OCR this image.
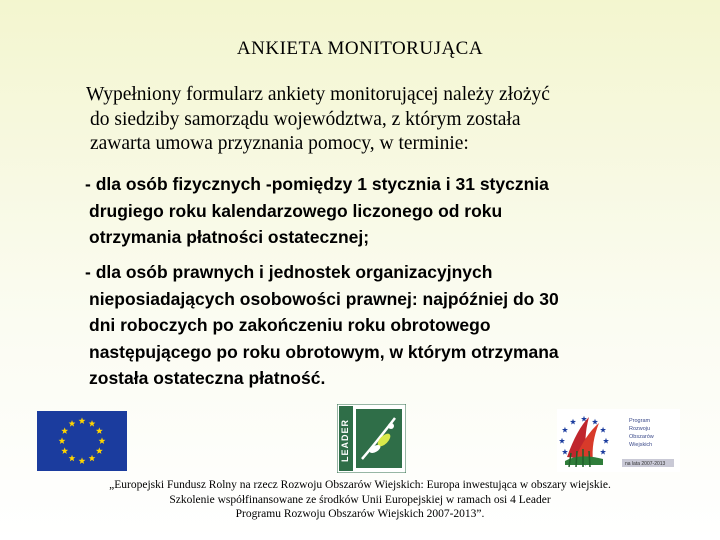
ANKIETA MONITORUJĄCA
Wypełniony formularz ankiety monitorującej należy złożyć
do siedziby samorządu województwa, z którym została
zawarta umowa przyznania pomocy, w terminie:
- dla osób fizycznych -pomiędzy 1 stycznia i 31 stycznia
drugiego roku kalendarzowego liczonego od roku
otrzymania płatności ostatecznej;
- dla osób prawnych i jednostek organizacyjnych
nieposiadających osobowości prawnej: najpóźniej do 30
dni roboczych po zakończeniu roku obrotowego
następującego po roku obrotowym, w którym otrzymana
została ostateczna płatność.
LEADER	Program Rozwoju Obszarów Wiejskich
na lata 2007-2013
„Europejski Fundusz Rolny na rzecz Rozwoju Obszarów Wiejskich: Europa inwestująca w obszary wiejskie.
Szkolenie współfinansowane ze środków Unii Europejskiej w ramach osi 4 Leader
Programu Rozwoju Obszarów Wiejskich 2007-2013”.
